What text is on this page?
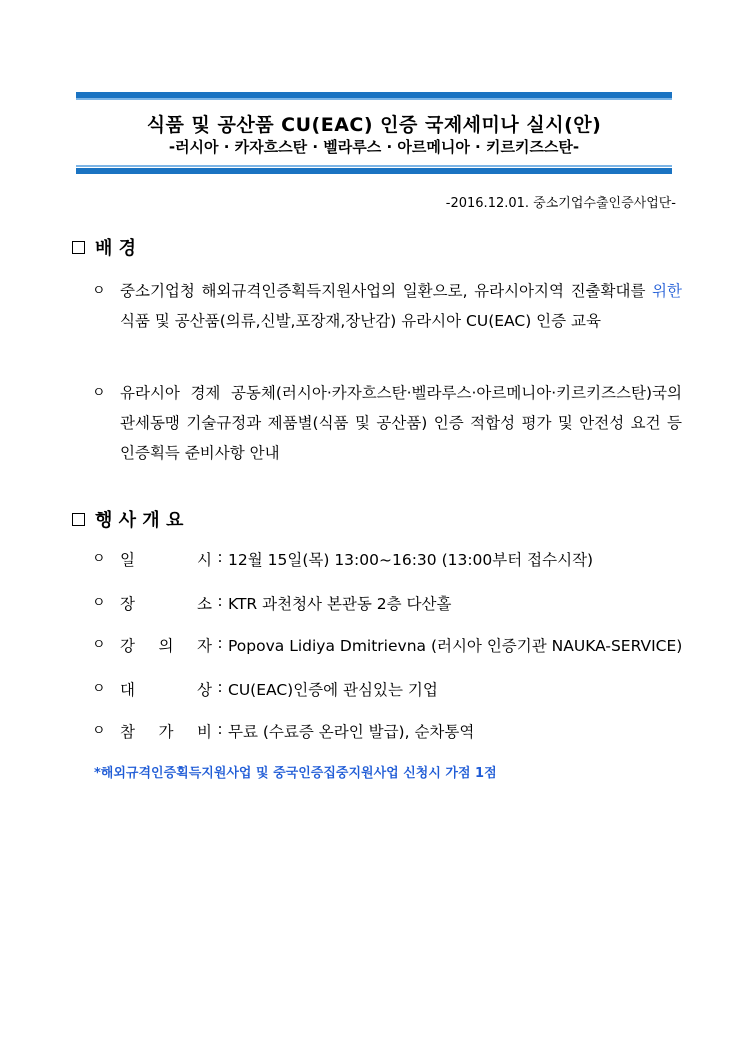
식품 및 공산품 CU(EAC) 인증 국제세미나 실시(안)
-러시아 · 카자흐스탄 · 벨라루스 · 아르메니아 · 키르키즈스탄-
-2016.12.01. 중소기업수출인증사업단-
배 경
ㅇ 중소기업청 해외규격인증획득지원사업의 일환으로, 유라시아지역 진출확대를 위한 식품 및 공산품(의류,신발,포장재,장난감) 유라시아 CU(EAC) 인증 교육
ㅇ 유라시아 경제 공동체(러시아·카자흐스탄·벨라루스·아르메니아·키르키즈스탄)국의 관세동맹 기술규정과 제품별(식품 및 공산품) 인증 적합성 평가 및 안전성 요건 등 인증획득 준비사항 안내
행 사 개 요
ㅇ 일	시 : 12월 15일(목) 13:00~16:30 (13:00부터 접수시작)
ㅇ 장	소 : KTR 과천청사 본관동 2층 다산홀
ㅇ 강 의 자 : Popova Lidiya Dmitrievna (러시아 인증기관 NAUKA-SERVICE)
ㅇ 대	상 : CU(EAC)인증에 관심있는 기업
ㅇ 참 가 비 : 무료 (수료증 온라인 발급), 순차통역
*해외규격인증획득지원사업 및 중국인증집중지원사업 신청시 가점 1점
